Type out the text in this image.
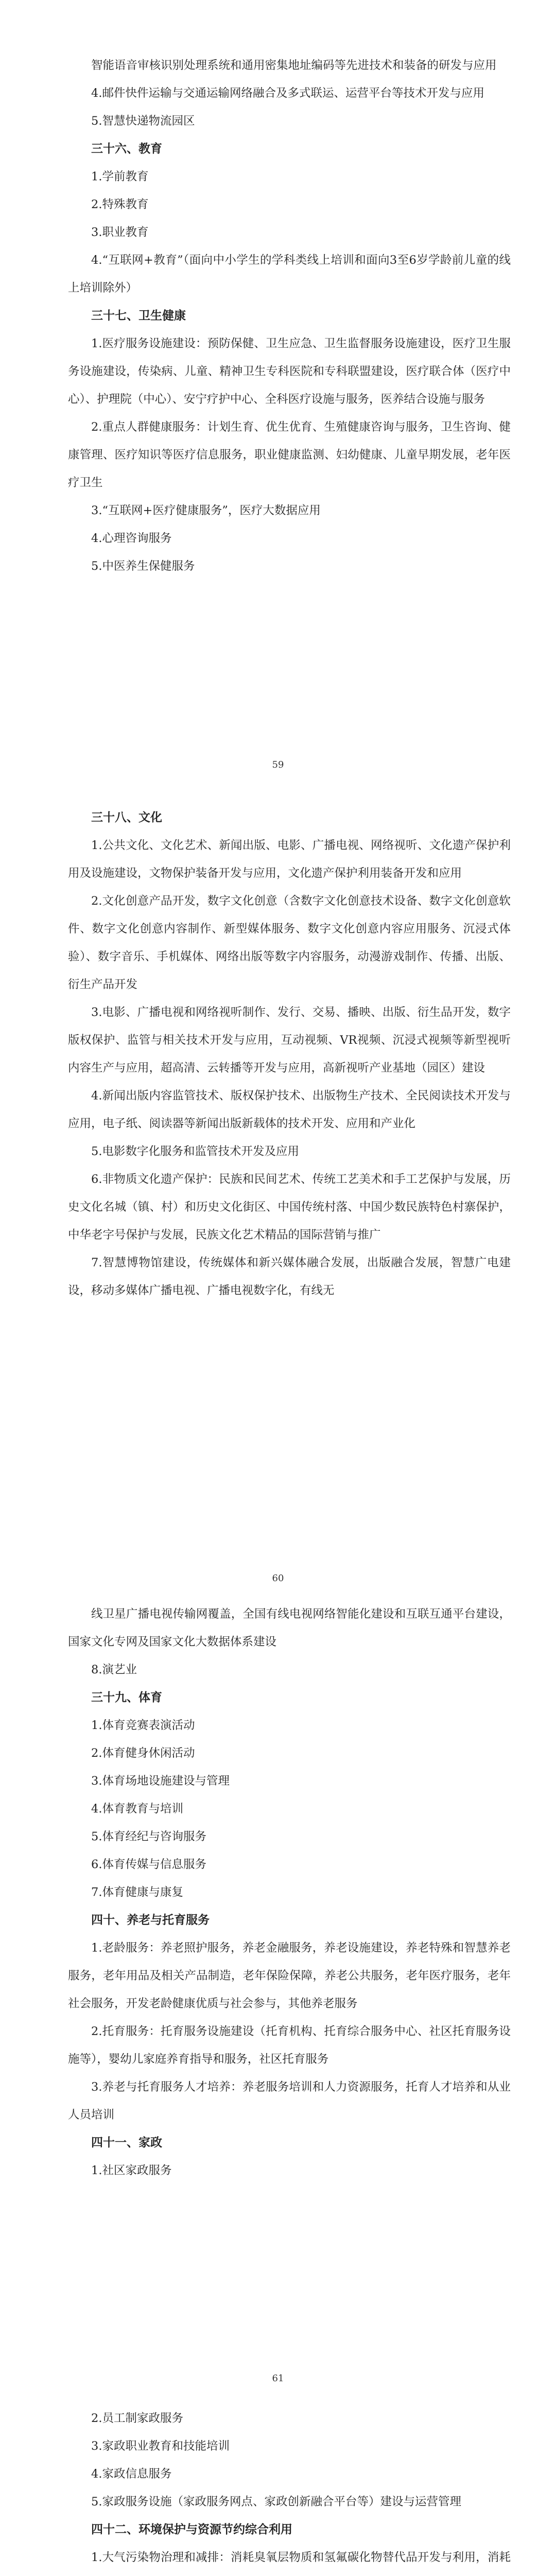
智能语音审核识别处理系统和通用密集地址编码等先进技术和装备的研发与应用

4.邮件快件运输与交通运输网络融合及多式联运、运营平台等技术开发与应用

5.智慧快递物流园区

三十六、教育

1.学前教育

2.特殊教育

3.职业教育

4.“互联网+教育”（面向中小学生的学科类线上培训和面向3至6岁学龄前儿童的线上培训除外）

三十七、卫生健康

1.医疗服务设施建设：预防保健、卫生应急、卫生监督服务设施建设，医疗卫生服务设施建设，传染病、儿童、精神卫生专科医院和专科联盟建设，医疗联合体（医疗中心）、护理院（中心）、安宁疗护中心、全科医疗设施与服务，医养结合设施与服务

2.重点人群健康服务：计划生育、优生优育、生殖健康咨询与服务，卫生咨询、健康管理、医疗知识等医疗信息服务，职业健康监测、妇幼健康、儿童早期发展，老年医疗卫生

3.“互联网+医疗健康服务”，医疗大数据应用

4.心理咨询服务

5.中医养生保健服务

59

三十八、文化

1.公共文化、文化艺术、新闻出版、电影、广播电视、网络视听、文化遗产保护利用及设施建设，文物保护装备开发与应用，文化遗产保护利用装备开发和应用

2.文化创意产品开发，数字文化创意（含数字文化创意技术设备、数字文化创意软件、数字文化创意内容制作、新型媒体服务、数字文化创意内容应用服务、沉浸式体验）、数字音乐、手机媒体、网络出版等数字内容服务，动漫游戏制作、传播、出版、衍生产品开发

3.电影、广播电视和网络视听制作、发行、交易、播映、出版、衍生品开发，数字版权保护、监管与相关技术开发与应用，互动视频、VR视频、沉浸式视频等新型视听内容生产与应用，超高清、云转播等开发与应用，高新视听产业基地（园区）建设

4.新闻出版内容监管技术、版权保护技术、出版物生产技术、全民阅读技术开发与应用，电子纸、阅读器等新闻出版新载体的技术开发、应用和产业化

5.电影数字化服务和监管技术开发及应用

6.非物质文化遗产保护：民族和民间艺术、传统工艺美术和手工艺保护与发展，历史文化名城（镇、村）和历史文化街区、中国传统村落、中国少数民族特色村寨保护，中华老字号保护与发展，民族文化艺术精品的国际营销与推广

7.智慧博物馆建设，传统媒体和新兴媒体融合发展，出版融合发展，智慧广电建设，移动多媒体广播电视、广播电视数字化，有线无

60

线卫星广播电视传输网覆盖，全国有线电视网络智能化建设和互联互通平台建设，国家文化专网及国家文化大数据体系建设

8.演艺业

三十九、体育

1.体育竞赛表演活动

2.体育健身休闲活动

3.体育场地设施建设与管理

4.体育教育与培训

5.体育经纪与咨询服务

6.体育传媒与信息服务

7.体育健康与康复

四十、养老与托育服务

1.老龄服务：养老照护服务，养老金融服务，养老设施建设，养老特殊和智慧养老服务，老年用品及相关产品制造，老年保险保障，养老公共服务，老年医疗服务，老年社会服务，开发老龄健康优质与社会参与，其他养老服务

2.托育服务：托育服务设施建设（托育机构、托育综合服务中心、社区托育服务设施等），婴幼儿家庭养育指导和服务，社区托育服务

3.养老与托育服务人才培养：养老服务培训和人力资源服务，托育人才培养和从业人员培训

四十一、家政

1.社区家政服务

61

2.员工制家政服务

3.家政职业教育和技能培训

4.家政信息服务

5.家政服务设施（家政服务网点、家政创新融合平台等）建设与运营管理

四十二、环境保护与资源节约综合利用

1.大气污染物治理和减排：消耗臭氧层物质和氢氟碳化物替代品开发与利用，消耗
